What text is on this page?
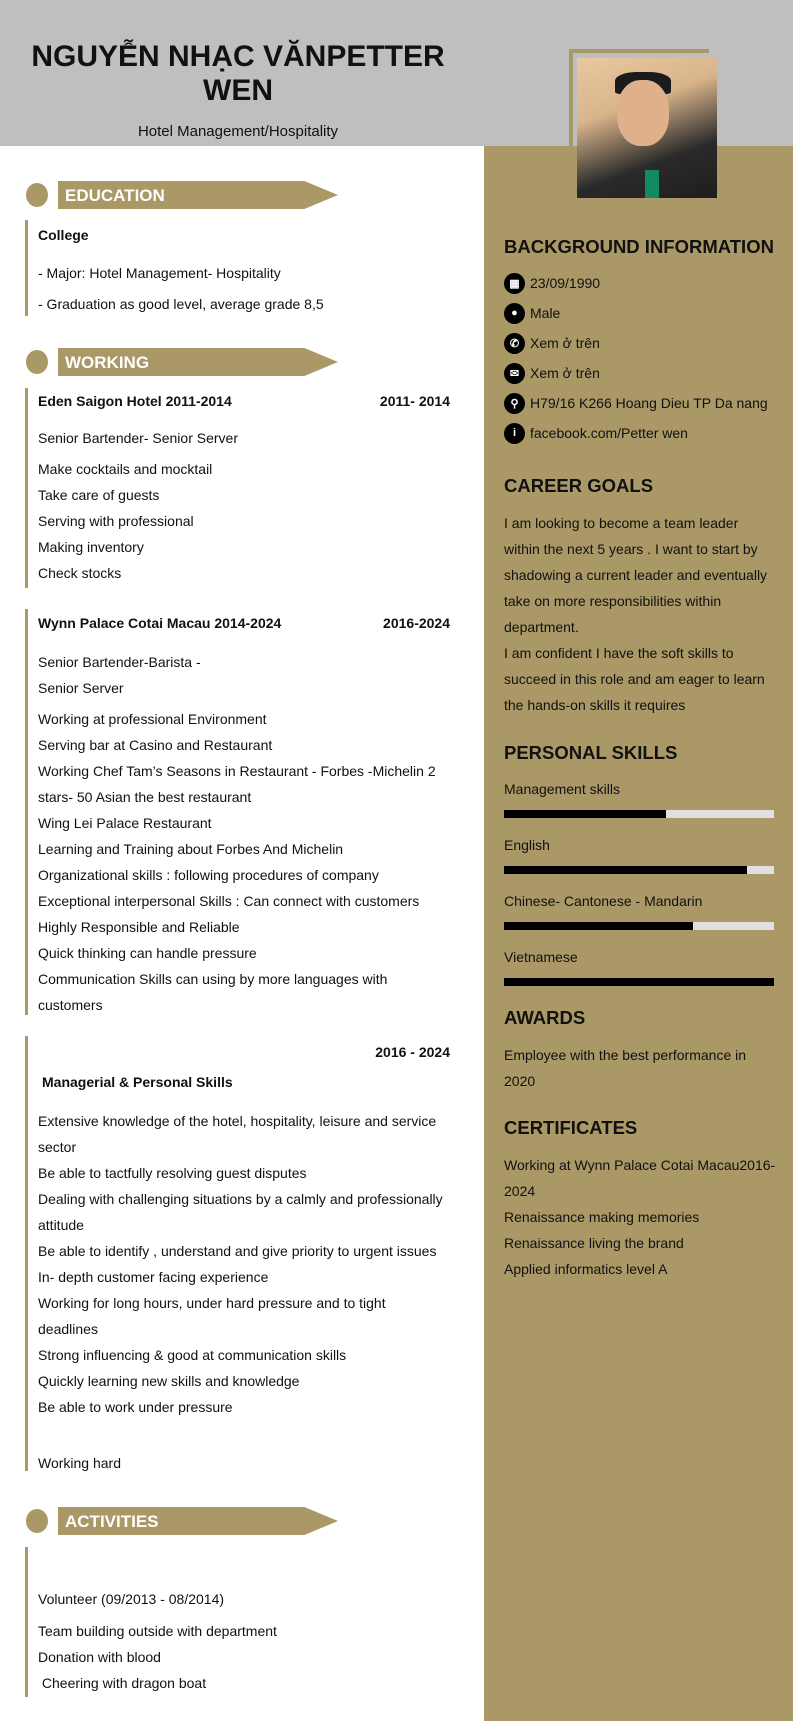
NGUYỄN NHẠC VĂNPETTER
WEN
Hotel Management/Hospitality
EDUCATION
College
- Major: Hotel Management- Hospitality
- Graduation as good level, average grade 8,5
WORKING EXPERIENCE
Eden Saigon Hotel 2011-2014	2011- 2014
Senior Bartender- Senior Server
Make cocktails and mocktail
Take care of guests
Serving with professional
Making inventory
Check stocks
Wynn Palace Cotai Macau 2014-2024	2016-2024
Senior Bartender-Barista -
Senior Server
Working at professional Environment
Serving bar at Casino and Restaurant
Working Chef Tam’s Seasons in Restaurant - Forbes -Michelin 2
stars- 50 Asian the best restaurant
Wing Lei Palace Restaurant
Learning and Training about Forbes And Michelin
Organizational skills : following procedures of company
Exceptional interpersonal Skills : Can connect with customers
Highly Responsible and Reliable
Quick thinking can handle pressure
Communication Skills can using by more languages with
customers
2016 - 2024
Managerial & Personal Skills
Extensive knowledge of the hotel, hospitality, leisure and service
sector
Be able to tactfully resolving guest disputes
Dealing with challenging situations by a calmly and professionally
attitude
Be able to identify , understand and give priority to urgent issues
In- depth customer facing experience
Working for long hours, under hard pressure and to tight
deadlines
Strong influencing & good at communication skills
Quickly learning new skills and knowledge
Be able to work under pressure
Working hard
ACTIVITIES
Volunteer (09/2013 - 08/2014)
Team building outside with department
Donation with blood
Cheering with dragon boat
BACKGROUND INFORMATION
▦ 23/09/1990
● Male
✆ Xem ở trên
✉ Xem ở trên
⚲ H79/16 K266 Hoang Dieu TP Da nang
i facebook.com/Petter wen
CAREER GOALS
I am looking to become a team leader
within the next 5 years . I want to start by
shadowing a current leader and eventually
take on more responsibilities within
department.
I am confident I have the soft skills to
succeed in this role and am eager to learn
the hands-on skills it requires
PERSONAL SKILLS
Management skills
English
Chinese- Cantonese - Mandarin
Vietnamese
AWARDS
Employee with the best performance in
2020
CERTIFICATES
Working at Wynn Palace Cotai Macau2016-
2024
Renaissance making memories
Renaissance living the brand
Applied informatics level A
